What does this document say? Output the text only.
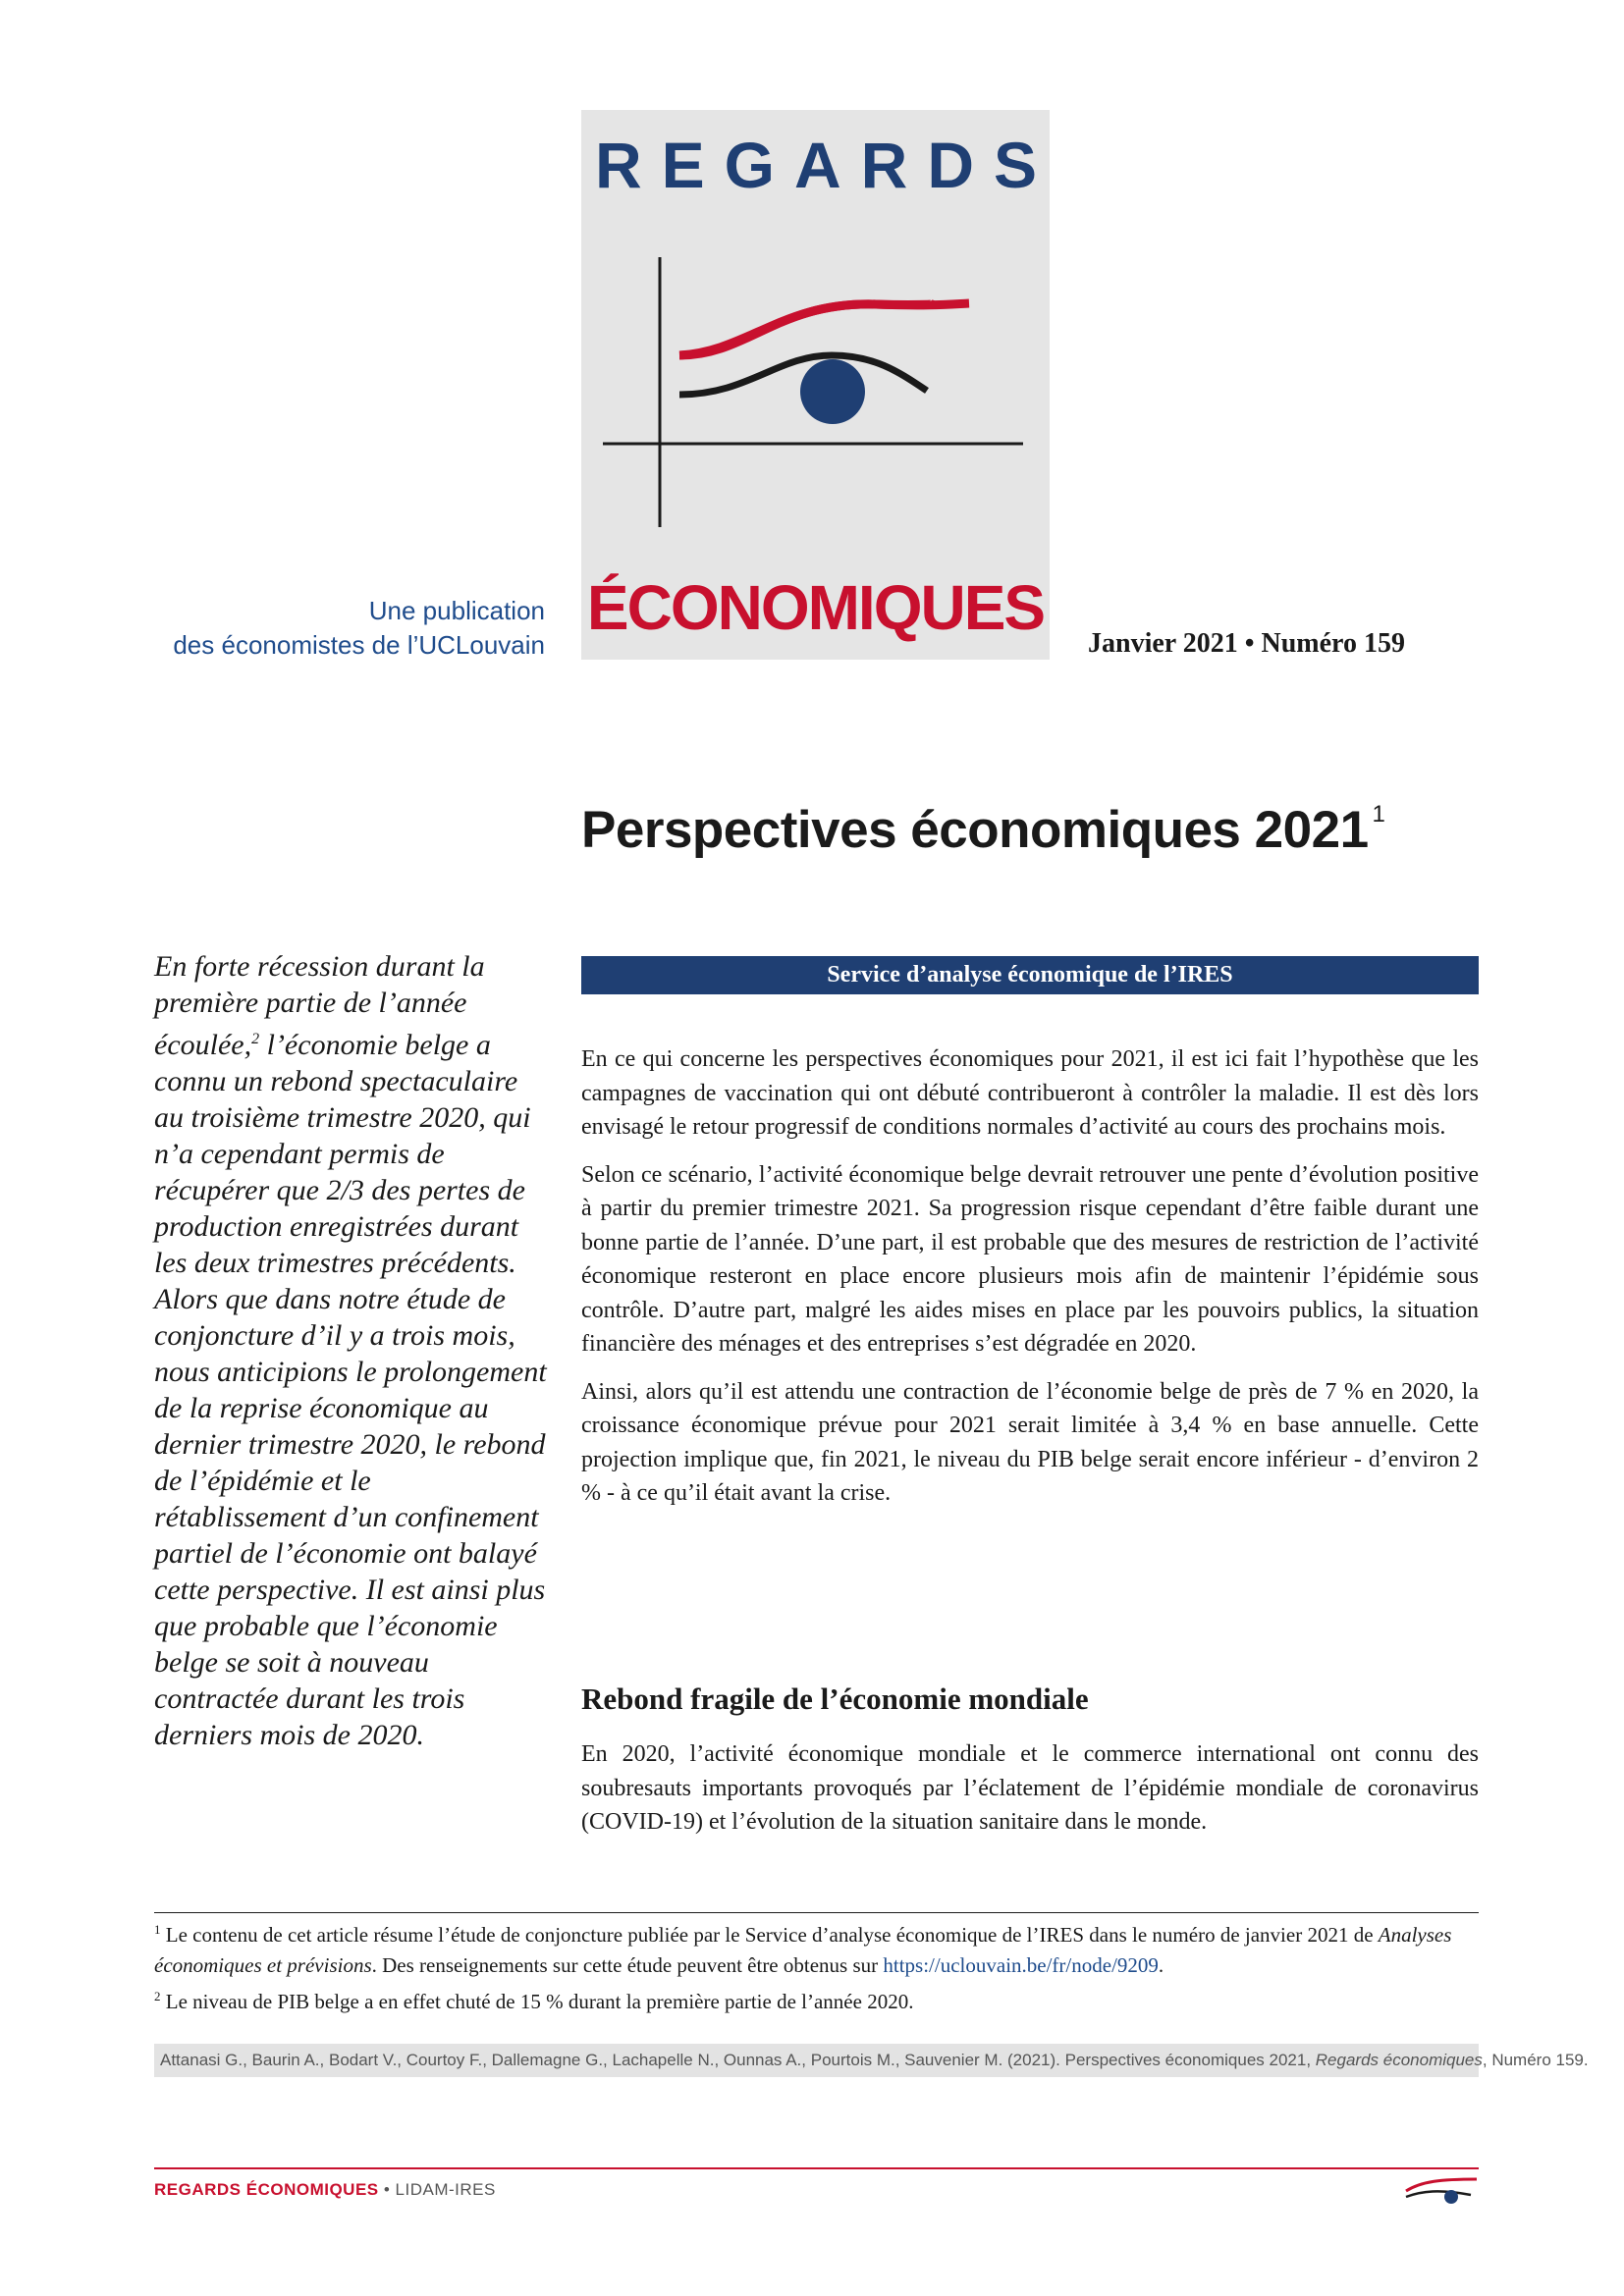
REGARDS
ÉCONOMIQUES
Une publication
des économistes de l’UCLouvain	Janvier 2021 • Numéro 159
Perspectives économiques 2021 $^1$
En forte récession durant la première partie de l’année écoulée,$^2$ l’économie belge a connu un rebond spectaculaire au troisième trimestre 2020, qui n’a cependant permis de récupérer que 2/3 des pertes de production enregistrées durant les deux trimestres précédents. Alors que dans notre étude de conjoncture d’il y a trois mois, nous anticipions le prolongement de la reprise économique au dernier trimestre 2020, le rebond de l’épidémie et le rétablissement d’un confinement partiel de l’économie ont balayé cette perspective. Il est ainsi plus que probable que l’économie belge se soit à nouveau contractée durant les trois derniers mois de 2020.
Service d’analyse économique de l’IRES

En ce qui concerne les perspectives économiques pour 2021, il est ici fait l’hypothèse que les campagnes de vaccination qui ont débuté contribueront à contrôler la maladie. Il est dès lors envisagé le retour progressif de conditions normales d’activité au cours des prochains mois.

Selon ce scénario, l’activité économique belge devrait retrouver une pente d’évolution positive à partir du premier trimestre 2021. Sa progression risque cependant d’être faible durant une bonne partie de l’année. D’une part, il est probable que des mesures de restriction de l’activité économique resteront en place encore plusieurs mois afin de maintenir l’épidémie sous contrôle. D’autre part, malgré les aides mises en place par les pouvoirs publics, la situation financière des ménages et des entreprises s’est dégradée en 2020.

Ainsi, alors qu’il est attendu une contraction de l’économie belge de près de 7 % en 2020, la croissance économique prévue pour 2021 serait limitée à 3,4 % en base annuelle. Cette projection implique que, fin 2021, le niveau du PIB belge serait encore inférieur - d’environ 2 % - à ce qu’il était avant la crise.

Rebond fragile de l’économie mondiale
En 2020, l’activité économique mondiale et le commerce international ont connu des soubresauts importants provoqués par l’éclatement de l’épidémie mondiale de coronavirus (COVID-19) et l’évolution de la situation sanitaire dans le monde.

$^1$ Le contenu de cet article résume l’étude de conjoncture publiée par le Service d’analyse économique de l’IRES dans le numéro de janvier 2021 de Analyses économiques et prévisions. Des renseignements sur cette étude peuvent être obtenus sur https://uclouvain.be/fr/node/9209.

$^2$ Le niveau de PIB belge a en effet chuté de 15 % durant la première partie de l’année 2020.

Attanasi G., Baurin A., Bodart V., Courtoy F., Dallemagne G., Lachapelle N., Ounnas A., Pourtois M., Sauvenier M. (2021). Perspectives économiques 2021, Regards économiques, Numéro 159.
REGARDS ÉCONOMIQUES • LIDAM-IRES
